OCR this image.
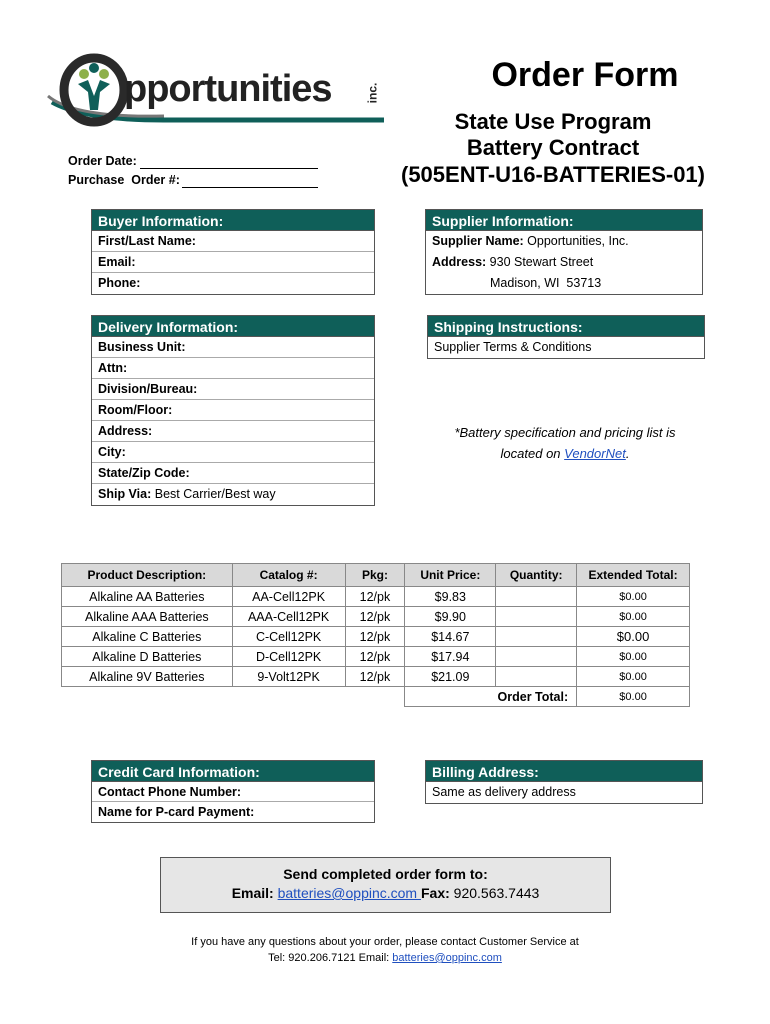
pportunities	inc.	Order Form
State Use Program
Battery Contract
(505ENT-U16-BATTERIES-01)
Order Date:
Purchase  Order #:
Buyer Information:
First/Last Name:
Email:
Phone:
Supplier Information:
Supplier Name: Opportunities, Inc.
Address: 930 Stewart Street
Madison, WI  53713
Delivery Information:
Business Unit:
Attn:
Division/Bureau:
Room/Floor:
Address:
City:
State/Zip Code:
Ship Via: Best Carrier/Best way
Shipping Instructions:
Supplier Terms & Conditions
*Battery specification and pricing list is
located on VendorNet.
Product Description:	Catalog #:	Pkg:	Unit Price:	Quantity:	Extended Total:
Alkaline AA Batteries	AA-Cell12PK	12/pk	$9.83		$0.00
Alkaline AAA Batteries	AAA-Cell12PK	12/pk	$9.90		$0.00
Alkaline C Batteries	C-Cell12PK	12/pk	$14.67		$0.00
Alkaline D Batteries	D-Cell12PK	12/pk	$17.94		$0.00
Alkaline 9V Batteries	9-Volt12PK	12/pk	$21.09		$0.00
			Order Total:		$0.00
Credit Card Information:
Contact Phone Number:
Name for P-card Payment:
Billing Address:
Same as delivery address
Send completed order form to:
Email: batteries@oppinc.com Fax: 920.563.7443
If you have any questions about your order, please contact Customer Service at
Tel: 920.206.7121 Email: batteries@oppinc.com
